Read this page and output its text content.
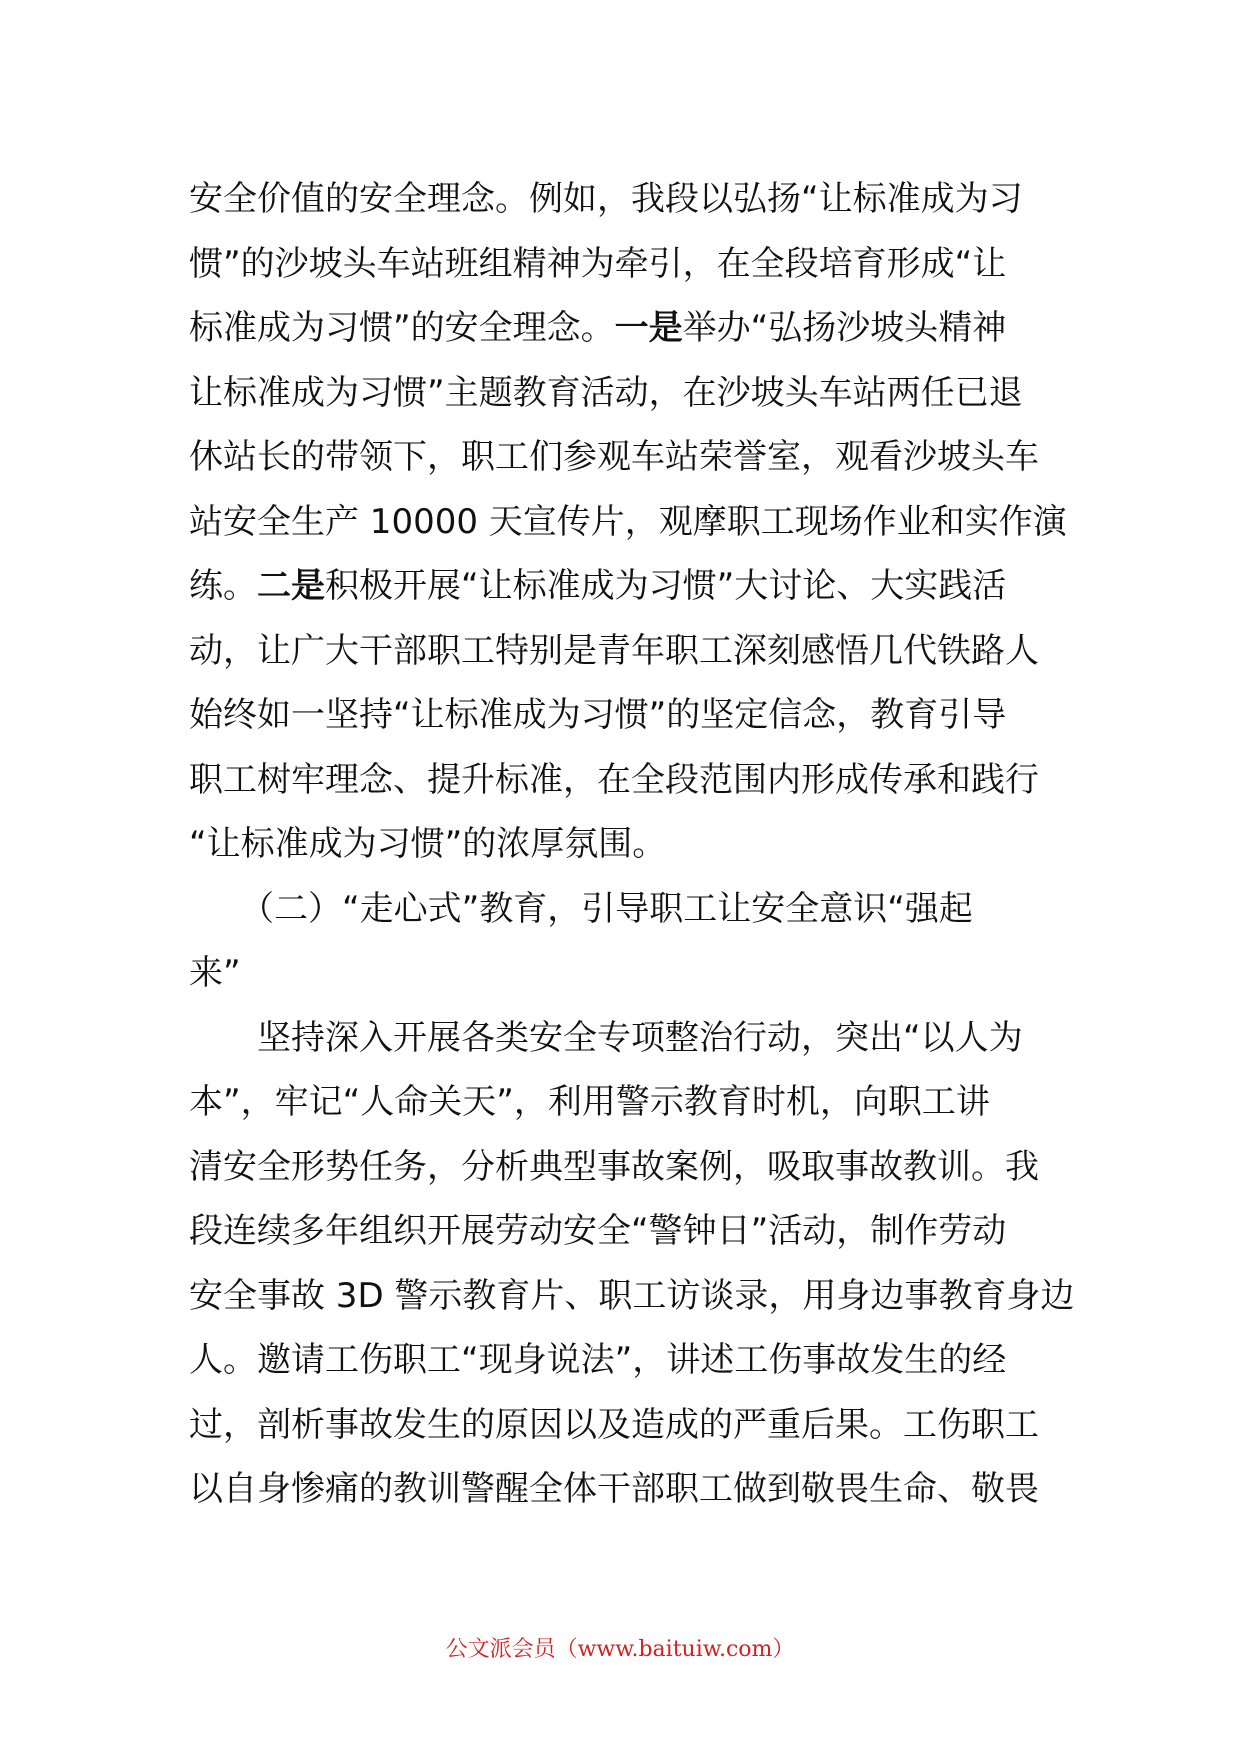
安全价值的安全理念。例如，我段以弘扬“让标准成为习
惯”的沙坡头车站班组精神为牵引，在全段培育形成“让
标准成为习惯”的安全理念。一是举办“弘扬沙坡头精神
让标准成为习惯”主题教育活动，在沙坡头车站两任已退
休站长的带领下，职工们参观车站荣誉室，观看沙坡头车
站安全生产 10000 天宣传片，观摩职工现场作业和实作演
练。二是积极开展“让标准成为习惯”大讨论、大实践活
动，让广大干部职工特别是青年职工深刻感悟几代铁路人
始终如一坚持“让标准成为习惯”的坚定信念，教育引导
职工树牢理念、提升标准，在全段范围内形成传承和践行
“让标准成为习惯”的浓厚氛围。
　　（二）“走心式”教育，引导职工让安全意识“强起
来”
　　坚持深入开展各类安全专项整治行动，突出“以人为
本”，牢记“人命关天”，利用警示教育时机，向职工讲
清安全形势任务，分析典型事故案例，吸取事故教训。我
段连续多年组织开展劳动安全“警钟日”活动，制作劳动
安全事故 3D 警示教育片、职工访谈录，用身边事教育身边
人。邀请工伤职工“现身说法”，讲述工伤事故发生的经
过，剖析事故发生的原因以及造成的严重后果。工伤职工
以自身惨痛的教训警醒全体干部职工做到敬畏生命、敬畏
公文派会员（www.baituiw.com）
